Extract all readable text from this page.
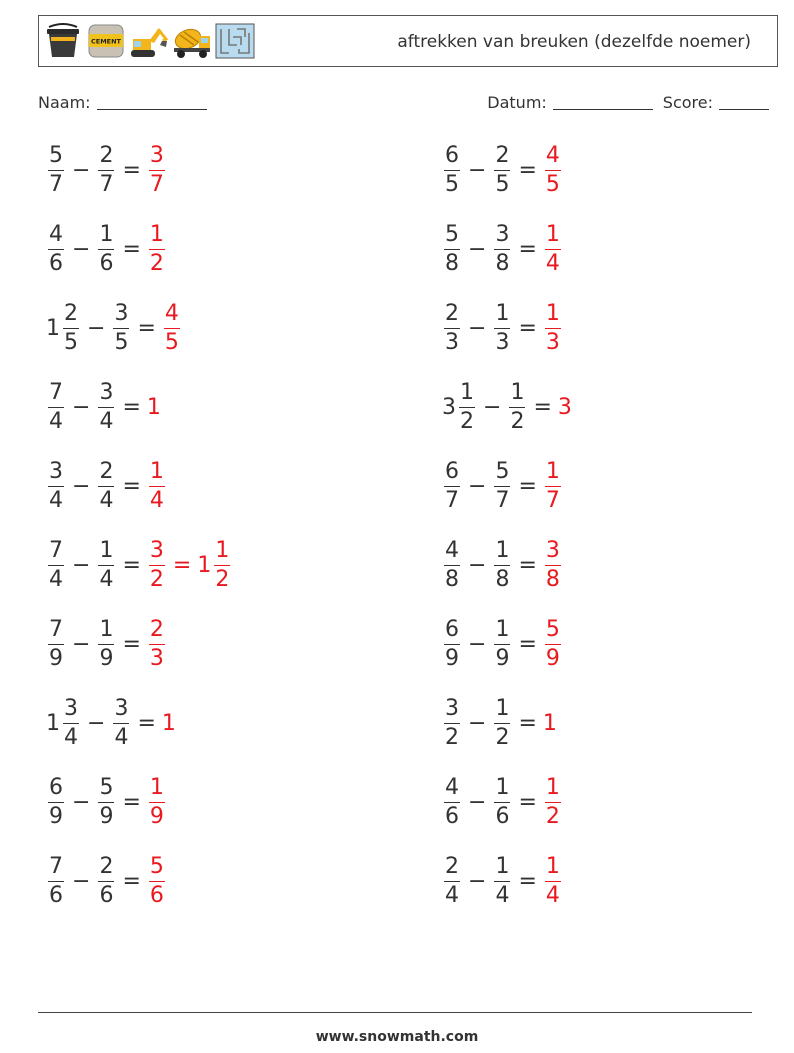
CEMENT	aftrekken van breuken (dezelfde noemer)
Naam:	Datum:	Score:
$\frac{5}{7} - \frac{2}{7} = \frac{3}{7}$	$\frac{6}{5} - \frac{2}{5} = \frac{4}{5}$
$\frac{4}{6} - \frac{1}{6} = \frac{1}{2}$	$\frac{5}{8} - \frac{3}{8} = \frac{1}{4}$
$1 \frac{2}{5} - \frac{3}{5} = \frac{4}{5}$	$\frac{2}{3} - \frac{1}{3} = \frac{1}{3}$
$\frac{7}{4} - \frac{3}{4} = 1$	$3 \frac{1}{2} - \frac{1}{2} = 3$
$\frac{3}{4} - \frac{2}{4} = \frac{1}{4}$	$\frac{6}{7} - \frac{5}{7} = \frac{1}{7}$
$\frac{7}{4} - \frac{1}{4} = \frac{3}{2} = 1 \frac{1}{2}$	$\frac{4}{8} - \frac{1}{8} = \frac{3}{8}$
$\frac{7}{9} - \frac{1}{9} = \frac{2}{3}$	$\frac{6}{9} - \frac{1}{9} = \frac{5}{9}$
$1 \frac{3}{4} - \frac{3}{4} = 1$	$\frac{3}{2} - \frac{1}{2} = 1$
$\frac{6}{9} - \frac{5}{9} = \frac{1}{9}$	$\frac{4}{6} - \frac{1}{6} = \frac{1}{2}$
$\frac{7}{6} - \frac{2}{6} = \frac{5}{6}$	$\frac{2}{4} - \frac{1}{4} = \frac{1}{4}$
www.snowmath.com
